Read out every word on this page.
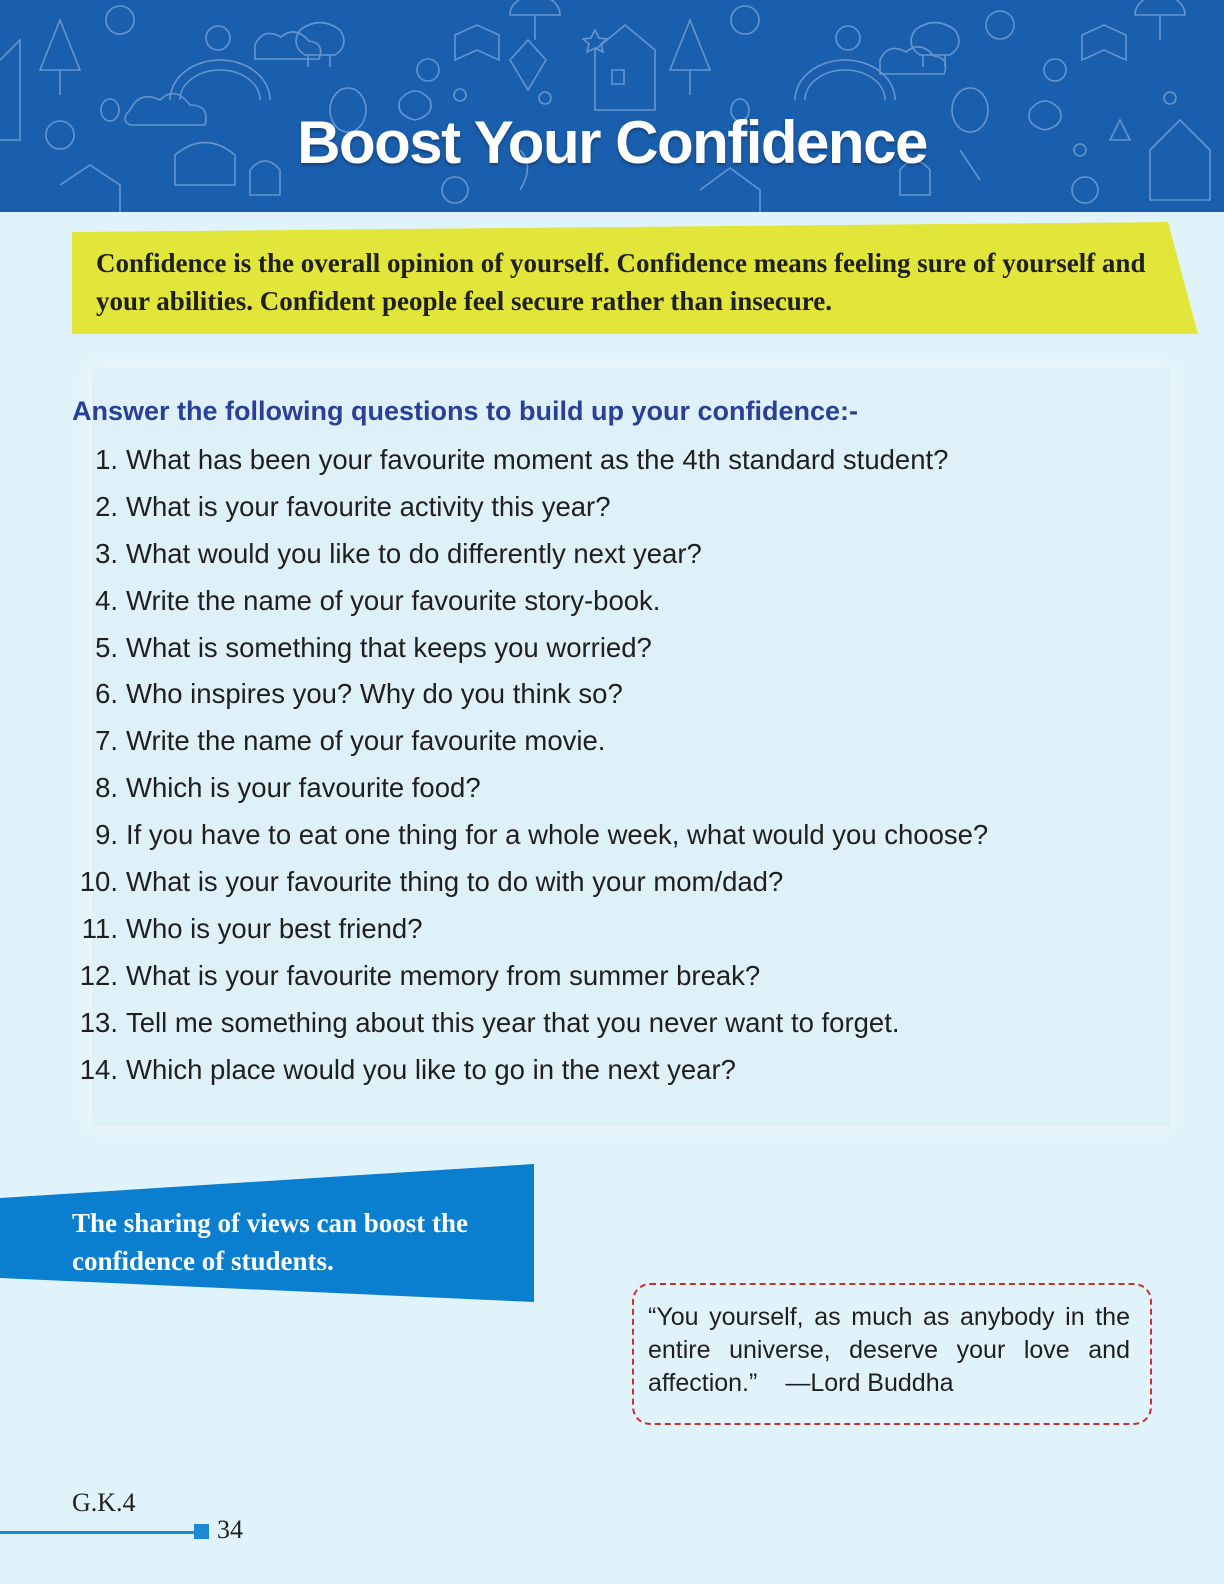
Boost Your Confidence
Confidence is the overall opinion of yourself. Confidence means feeling sure of yourself and your abilities. Confident people feel secure rather than insecure.
Answer the following questions to build up your confidence:-
1. What has been your favourite moment as the 4th standard student?
2. What is your favourite activity this year?
3. What would you like to do differently next year?
4. Write the name of your favourite story-book.
5. What is something that keeps you worried?
6. Who inspires you? Why do you think so?
7. Write the name of your favourite movie.
8. Which is your favourite food?
9. If you have to eat one thing for a whole week, what would you choose?
10. What is your favourite thing to do with your mom/dad?
11. Who is your best friend?
12. What is your favourite memory from summer break?
13. Tell me something about this year that you never want to forget.
14. Which place would you like to go in the next year?
The sharing of views can boost the confidence of students.
“You yourself, as much as anybody in the entire universe, deserve your love and affection.” —Lord Buddha
G.K.4
34
